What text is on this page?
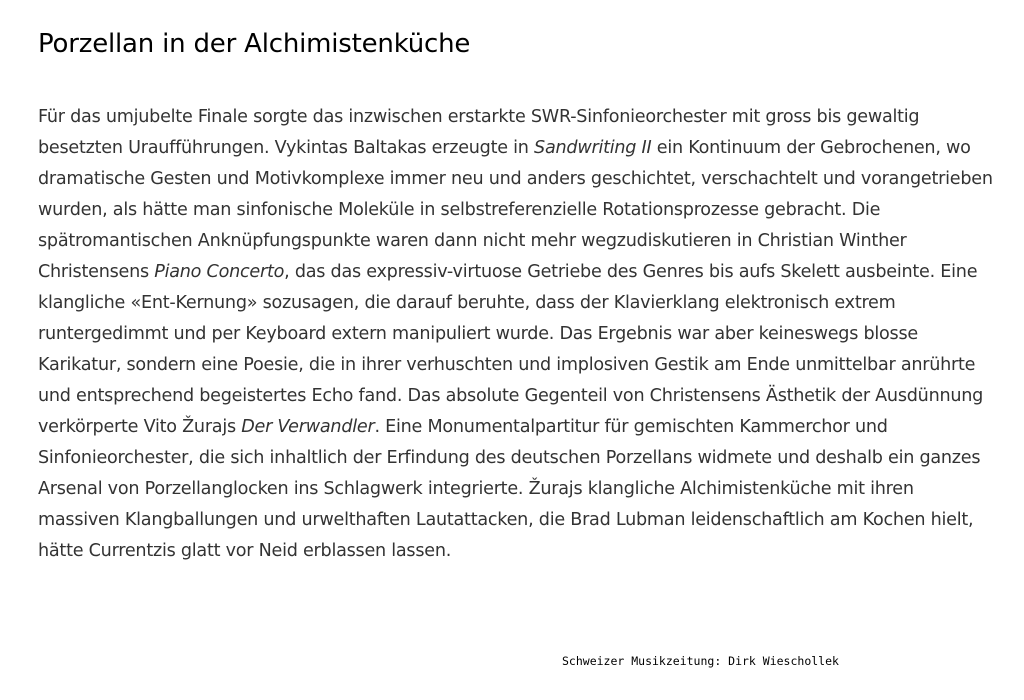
Porzellan in der Alchimistenküche

Für das umjubelte Finale sorgte das inzwischen erstarkte SWR-Sinfonieorchester mit gross bis gewaltig besetzten Uraufführungen. Vykintas Baltakas erzeugte in Sandwriting II ein Kontinuum der Gebrochenen, wo dramatische Gesten und Motivkomplexe immer neu und anders geschichtet, verschachtelt und vorangetrieben wurden, als hätte man sinfonische Moleküle in selbstreferenzielle Rotationsprozesse gebracht. Die spätromantischen Anknüpfungspunkte waren dann nicht mehr wegzudiskutieren in Christian Winther Christensens Piano Concerto, das das expressiv-virtuose Getriebe des Genres bis aufs Skelett ausbeinte. Eine klangliche «Ent-Kernung» sozusagen, die darauf beruhte, dass der Klavierklang elektronisch extrem runtergedimmt und per Keyboard extern manipuliert wurde. Das Ergebnis war aber keineswegs blosse Karikatur, sondern eine Poesie, die in ihrer verhuschten und implosiven Gestik am Ende unmittelbar anrührte und entsprechend begeistertes Echo fand. Das absolute Gegenteil von Christensens Ästhetik der Ausdünnung verkörperte Vito Žurajs Der Verwandler. Eine Monumentalpartitur für gemischten Kammerchor und Sinfonieorchester, die sich inhaltlich der Erfindung des deutschen Porzellans widmete und deshalb ein ganzes Arsenal von Porzellanglocken ins Schlagwerk integrierte. Žurajs klangliche Alchimistenküche mit ihren massiven Klangballungen und urwelthaften Lautattacken, die Brad Lubman leidenschaftlich am Kochen hielt, hätte Currentzis glatt vor Neid erblassen lassen.

Schweizer Musikzeitung: Dirk Wieschollek
